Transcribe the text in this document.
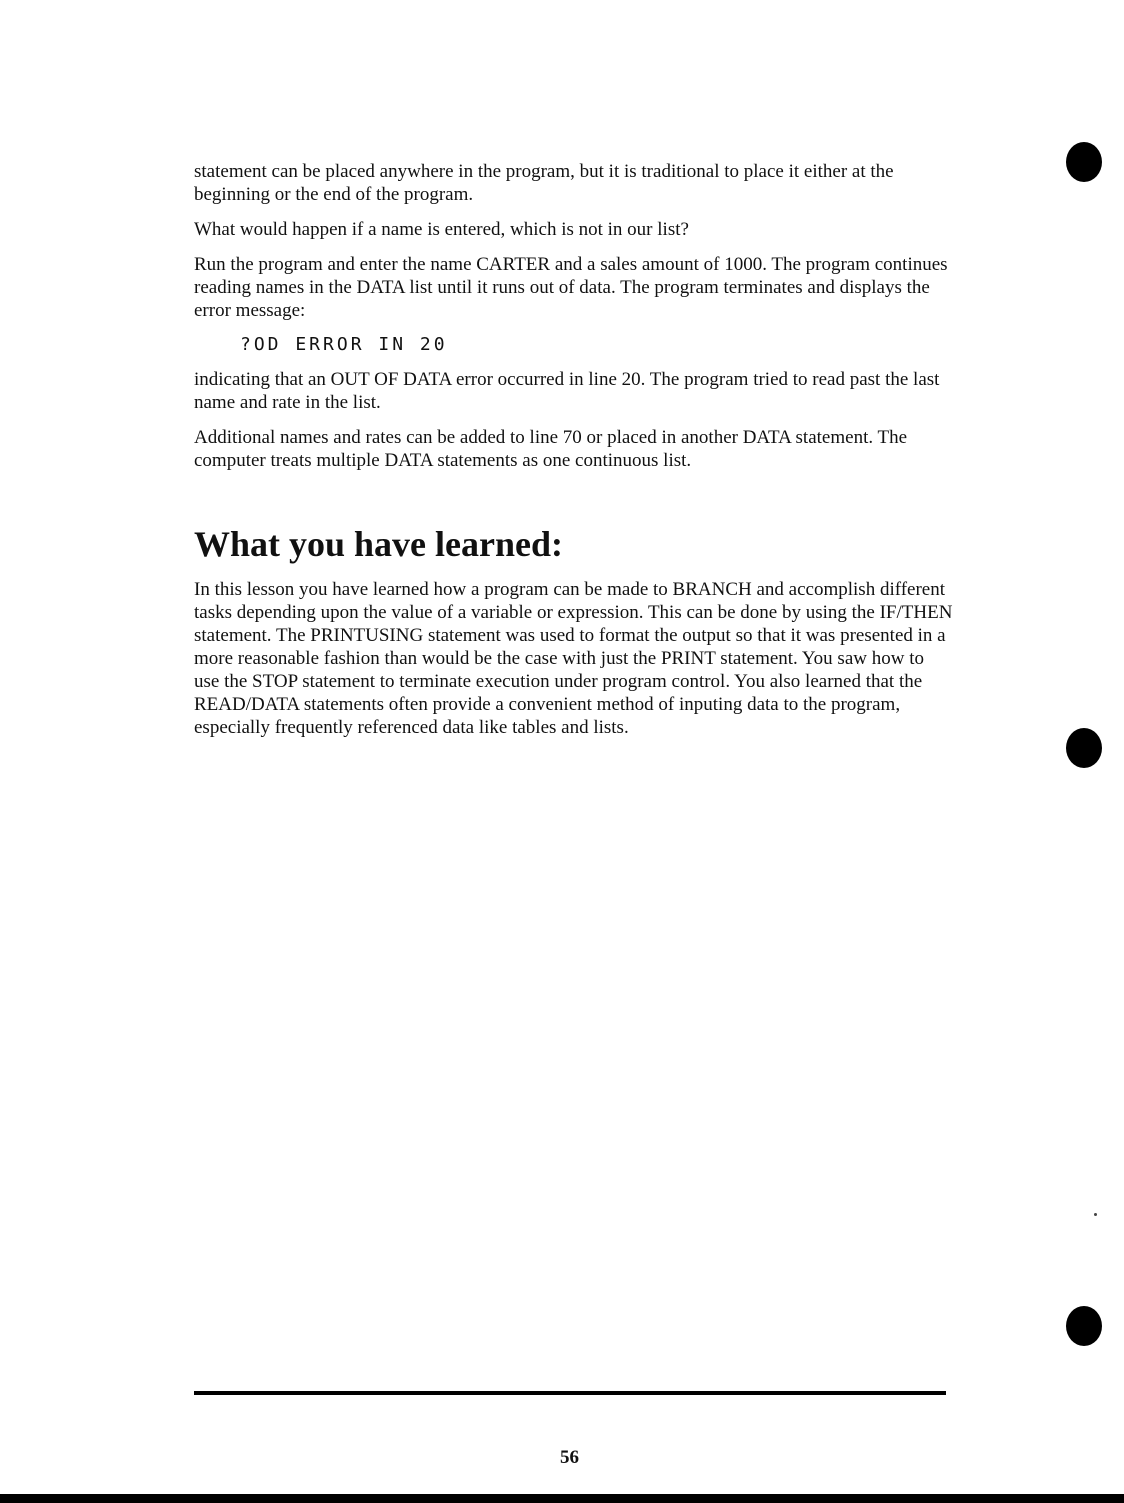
statement can be placed anywhere in the program, but it is traditional to place it either at the beginning or the end of the program.

What would happen if a name is entered, which is not in our list?

Run the program and enter the name CARTER and a sales amount of 1000. The program continues reading names in the DATA list until it runs out of data. The program terminates and displays the error message:

?OD ERROR IN 20

indicating that an OUT OF DATA error occurred in line 20. The program tried to read past the last name and rate in the list.

Additional names and rates can be added to line 70 or placed in another DATA statement. The computer treats multiple DATA statements as one continuous list.

What you have learned:

In this lesson you have learned how a program can be made to BRANCH and accomplish different tasks depending upon the value of a variable or expression. This can be done by using the IF/THEN statement. The PRINTUSING statement was used to format the output so that it was presented in a more reasonable fashion than would be the case with just the PRINT statement. You saw how to use the STOP statement to terminate execution under program control. You also learned that the READ/DATA statements often provide a convenient method of inputing data to the program, especially frequently referenced data like tables and lists.

56
